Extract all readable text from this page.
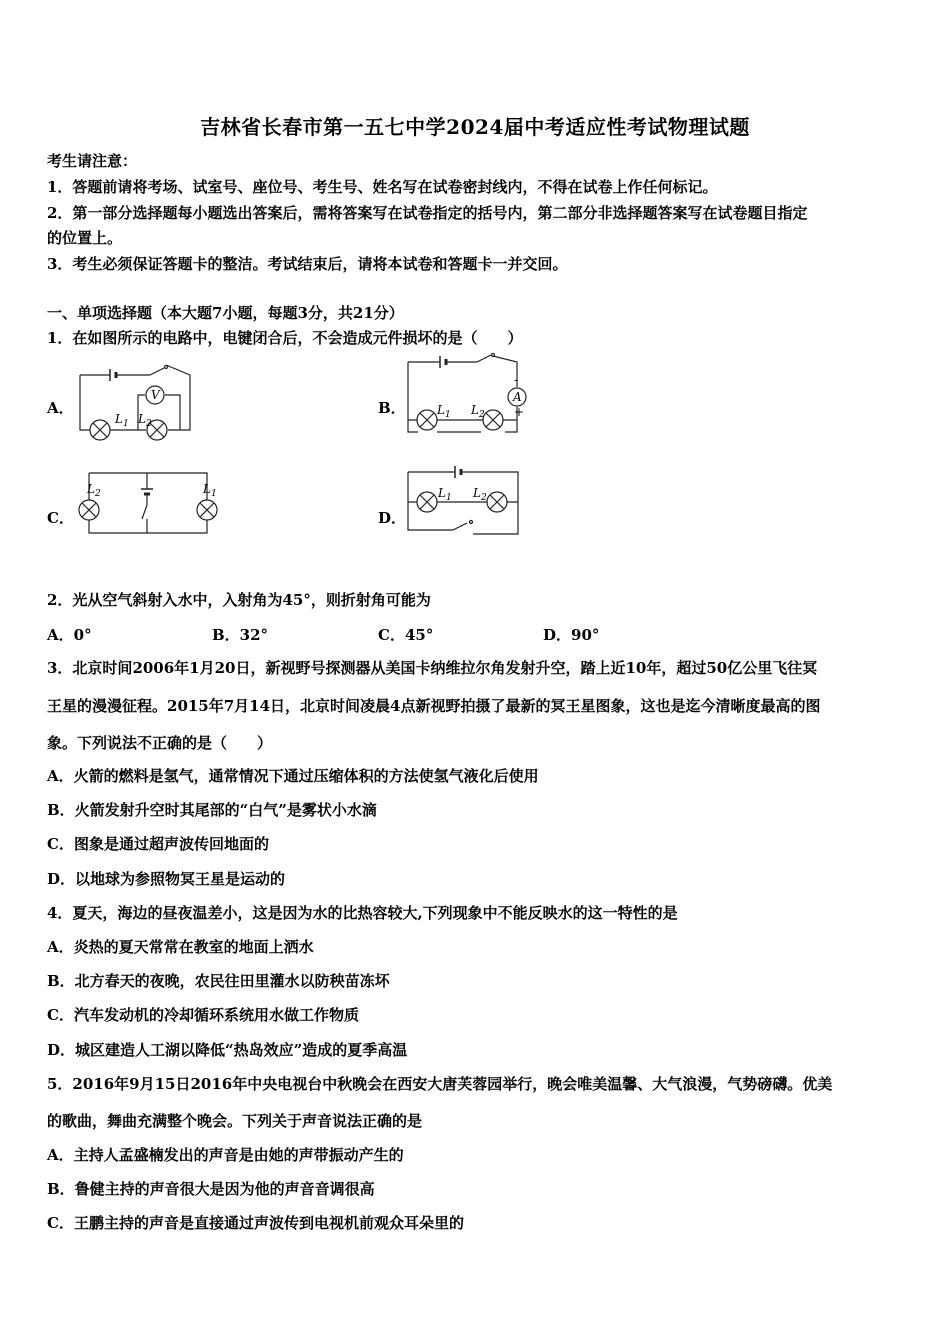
吉林省长春市第一五七中学2024届中考适应性考试物理试题
考生请注意：
1．答题前请将考场、试室号、座位号、考生号、姓名写在试卷密封线内，不得在试卷上作任何标记。
2．第一部分选择题每小题选出答案后，需将答案写在试卷指定的括号内，第二部分非选择题答案写在试卷题目指定
的位置上。
3．考生必须保证答题卡的整洁。考试结束后，请将本试卷和答题卡一并交回。
一、单项选择题（本大题7小题，每题3分，共21分）
1．在如图所示的电路中，电键闭合后，不会造成元件损坏的是（　　）
A．
$L_1$ $L_2$
V
B．	$L_1$ $L_2$
A
-
+
C．
$L_2$	$L_1$
D．
$L_1$ $L_2$
2．光从空气斜射入水中，入射角为45°，则折射角可能为
A．0°	B．32°	C．45°	D．90°
3．北京时间2006年1月20日，新视野号探测器从美国卡纳维拉尔角发射升空，踏上近10年，超过50亿公里飞往冥
王星的漫漫征程。2015年7月14日，北京时间凌晨4点新视野拍摄了最新的冥王星图象，这也是迄今清晰度最高的图
象。下列说法不正确的是（　　）
A．火箭的燃料是氢气，通常情况下通过压缩体积的方法使氢气液化后使用
B．火箭发射升空时其尾部的“白气”是雾状小水滴
C．图象是通过超声波传回地面的
D．以地球为参照物冥王星是运动的
4．夏天，海边的昼夜温差小，这是因为水的比热容较大,下列现象中不能反映水的这一特性的是
A．炎热的夏天常常在教室的地面上洒水
B．北方春天的夜晚，农民往田里灌水以防秧苗冻坏
C．汽车发动机的冷却循环系统用水做工作物质
D．城区建造人工湖以降低“热岛效应”造成的夏季高温
5．2016年9月15日2016年中央电视台中秋晚会在西安大唐芙蓉园举行，晚会唯美温馨、大气浪漫，气势磅礴。优美
的歌曲，舞曲充满整个晚会。下列关于声音说法正确的是
A．主持人孟盛楠发出的声音是由她的声带振动产生的
B．鲁健主持的声音很大是因为他的声音音调很高
C．王鹏主持的声音是直接通过声波传到电视机前观众耳朵里的
